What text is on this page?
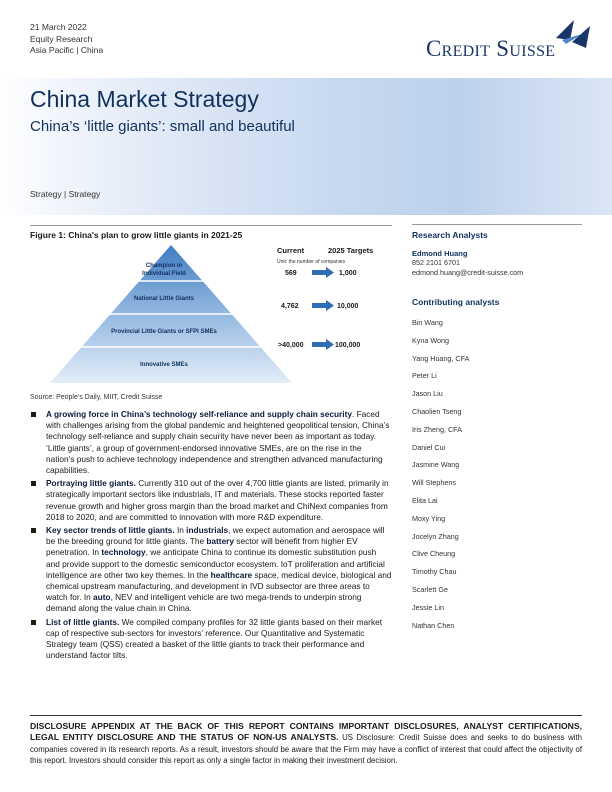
21 March 2022
Equity Research
Asia Pacific | China	Credit Suisse
China Market Strategy
China’s ‘little giants’: small and beautiful
Strategy | Strategy
Figure 1: China's plan to grow little giants in 2021-25
Champion in
Individual Field
National Little Giants
Provincial Little Giants or SFPI SMEs
Innovative SMEs
Current	2025 Targets
Unit: the number of companies
569	1,000
4,762	10,000
>40,000	100,000
Source: People's Daily, MIIT, Credit Suisse
A growing force in China’s technology self-reliance and supply chain security. Faced with challenges arising from the global pandemic and heightened geopolitical tension, China’s technology self-reliance and supply chain security have never been as important as today. ‘Little giants’, a group of government-endorsed innovative SMEs, are on the rise in the nation’s push to achieve technology independence and strengthen advanced manufacturing capabilities.
Portraying little giants. Currently 310 out of the over 4,700 little giants are listed, primarily in strategically important sectors like industrials, IT and materials. These stocks reported faster revenue growth and higher gross margin than the broad market and ChiNext companies from 2018 to 2020, and are committed to innovation with more R&D expenditure.
Key sector trends of little giants. In industrials, we expect automation and aerospace will be the breeding ground for little giants. The battery sector will benefit from higher EV penetration. In technology, we anticipate China to continue its domestic substitution push and provide support to the domestic semiconductor ecosystem. IoT proliferation and artificial intelligence are other two key themes. In the healthcare space, medical device, biological and chemical upstream manufacturing, and development in IVD subsector are three areas to watch for. In auto, NEV and intelligent vehicle are two mega-trends to underpin strong demand along the value chain in China.
List of little giants. We compiled company profiles for 32 little giants based on their market cap of respective sub-sectors for investors’ reference. Our Quantitative and Systematic Strategy team (QSS) created a basket of the little giants to track their performance and understand factor tilts.
Research Analysts
Edmond Huang
852 2101 6701
edmond.huang@credit-suisse.com
Contributing analysts
Bin Wang
Kyna Wong
Yang Huang, CFA
Peter Li
Jason Liu
Chaolien Tseng
Iris Zheng, CFA
Daniel Cui
Jasmine Wang
Will Stephens
Elita Lai
Moxy Ying
Jocelyn Zhang
Clive Cheung
Timothy Chau
Scarlett Ge
Jessie Lin
Nathan Chen
DISCLOSURE APPENDIX AT THE BACK OF THIS REPORT CONTAINS IMPORTANT DISCLOSURES, ANALYST CERTIFICATIONS, LEGAL ENTITY DISCLOSURE AND THE STATUS OF NON-US ANALYSTS. US Disclosure: Credit Suisse does and seeks to do business with companies covered in its research reports. As a result, investors should be aware that the Firm may have a conflict of interest that could affect the objectivity of this report. Investors should consider this report as only a single factor in making their investment decision.
